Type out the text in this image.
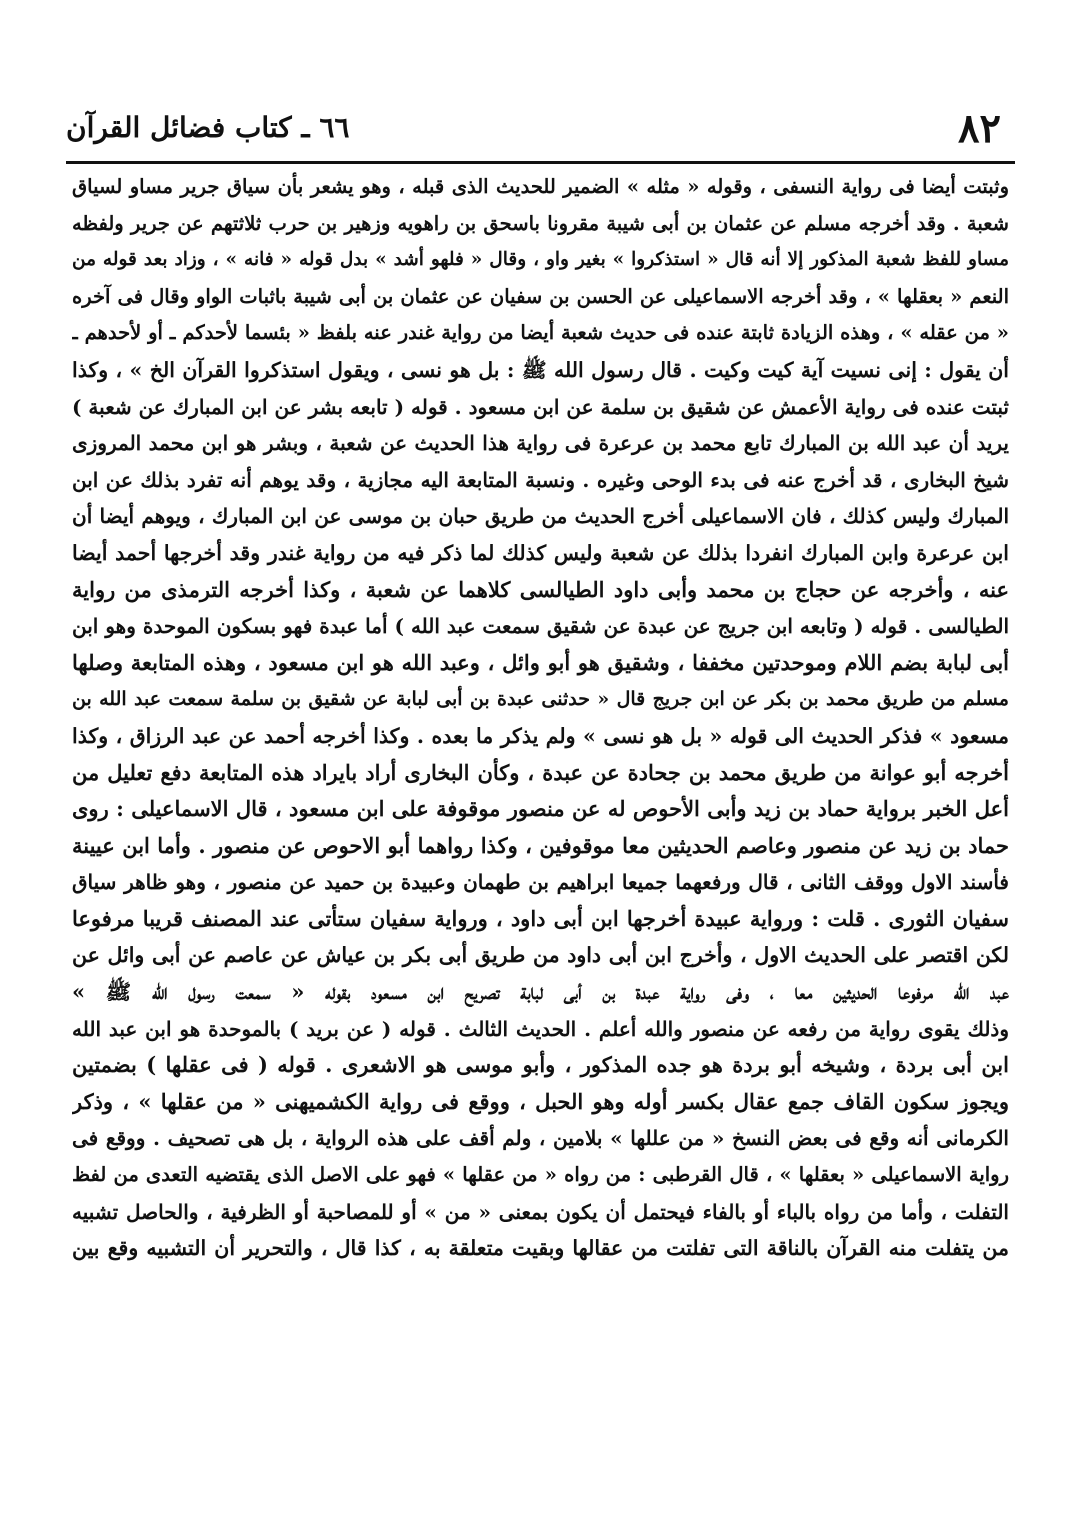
٨٢
٦٦ ـ كتاب فضائل القرآن
وثبتت أيضا فى رواية النسفى ، وقوله « مثله » الضمير للحديث الذى قبله ، وهو يشعر بأن سياق جرير مساو لسياق
شعبة . وقد أخرجه مسلم عن عثمان بن أبى شيبة مقرونا باسحق بن راهويه وزهير بن حرب ثلاثتهم عن جرير ولفظه
مساو للفظ شعبة المذكور إلا أنه قال « استذكروا » بغير واو ، وقال « فلهو أشد » بدل قوله « فانه » ، وزاد بعد قوله من
النعم « بعقلها » ، وقد أخرجه الاسماعيلى عن الحسن بن سفيان عن عثمان بن أبى شيبة باثبات الواو وقال فى آخره
« من عقله » ، وهذه الزيادة ثابتة عنده فى حديث شعبة أيضا من رواية غندر عنه بلفظ « بئسما لأحدكم ـ أو لأحدهم ـ
أن يقول : إنى نسيت آية كيت وكيت . قال رسول الله ﷺ : بل هو نسى ، ويقول استذكروا القرآن الخ » ، وكذا
ثبتت عنده فى رواية الأعمش عن شقيق بن سلمة عن ابن مسعود . قوله ( تابعه بشر عن ابن المبارك عن شعبة )
يريد أن عبد الله بن المبارك تابع محمد بن عرعرة فى رواية هذا الحديث عن شعبة ، وبشر هو ابن محمد المروزى
شيخ البخارى ، قد أخرج عنه فى بدء الوحى وغيره . ونسبة المتابعة اليه مجازية ، وقد يوهم أنه تفرد بذلك عن ابن
المبارك وليس كذلك ، فان الاسماعيلى أخرج الحديث من طريق حبان بن موسى عن ابن المبارك ، ويوهم أيضا أن
ابن عرعرة وابن المبارك انفردا بذلك عن شعبة وليس كذلك لما ذكر فيه من رواية غندر وقد أخرجها أحمد أيضا
عنه ، وأخرجه عن حجاج بن محمد وأبى داود الطيالسى كلاهما عن شعبة ، وكذا أخرجه الترمذى من رواية
الطيالسى . قوله ( وتابعه ابن جريج عن عبدة عن شقيق سمعت عبد الله ) أما عبدة فهو بسكون الموحدة وهو ابن
أبى لبابة بضم اللام وموحدتين مخففا ، وشقيق هو أبو وائل ، وعبد الله هو ابن مسعود ، وهذه المتابعة وصلها
مسلم من طريق محمد بن بكر عن ابن جريج قال « حدثنى عبدة بن أبى لبابة عن شقيق بن سلمة سمعت عبد الله بن
مسعود » فذكر الحديث الى قوله « بل هو نسى » ولم يذكر ما بعده . وكذا أخرجه أحمد عن عبد الرزاق ، وكذا
أخرجه أبو عوانة من طريق محمد بن جحادة عن عبدة ، وكأن البخارى أراد بايراد هذه المتابعة دفع تعليل من
أعل الخبر برواية حماد بن زيد وأبى الأحوص له عن منصور موقوفة على ابن مسعود ، قال الاسماعيلى : روى
حماد بن زيد عن منصور وعاصم الحديثين معا موقوفين ، وكذا رواهما أبو الاحوص عن منصور . وأما ابن عيينة
فأسند الاول ووقف الثانى ، قال ورفعهما جميعا ابراهيم بن طهمان وعبيدة بن حميد عن منصور ، وهو ظاهر سياق
سفيان الثورى . قلت : ورواية عبيدة أخرجها ابن أبى داود ، ورواية سفيان ستأتى عند المصنف قريبا مرفوعا
لكن اقتصر على الحديث الاول ، وأخرج ابن أبى داود من طريق أبى بكر بن عياش عن عاصم عن أبى وائل عن
عبد الله مرفوعا الحديثين معا ، وفى رواية عبدة بن أبى لبابة تصريح ابن مسعود بقوله « سمعت رسول الله ﷺ »
وذلك يقوى رواية من رفعه عن منصور والله أعلم . الحديث الثالث . قوله ( عن بريد ) بالموحدة هو ابن عبد الله
ابن أبى بردة ، وشيخه أبو بردة هو جده المذكور ، وأبو موسى هو الاشعرى . قوله ( فى عقلها ) بضمتين
ويجوز سكون القاف جمع عقال بكسر أوله وهو الحبل ، ووقع فى رواية الكشميهنى « من عقلها » ، وذكر
الكرمانى أنه وقع فى بعض النسخ « من عللها » بلامين ، ولم أقف على هذه الرواية ، بل هى تصحيف . ووقع فى
رواية الاسماعيلى « بعقلها » ، قال القرطبى : من رواه « من عقلها » فهو على الاصل الذى يقتضيه التعدى من لفظ
التفلت ، وأما من رواه بالباء أو بالفاء فيحتمل أن يكون بمعنى « من » أو للمصاحبة أو الظرفية ، والحاصل تشبيه
من يتفلت منه القرآن بالناقة التى تفلتت من عقالها وبقيت متعلقة به ، كذا قال ، والتحرير أن التشبيه وقع بين
